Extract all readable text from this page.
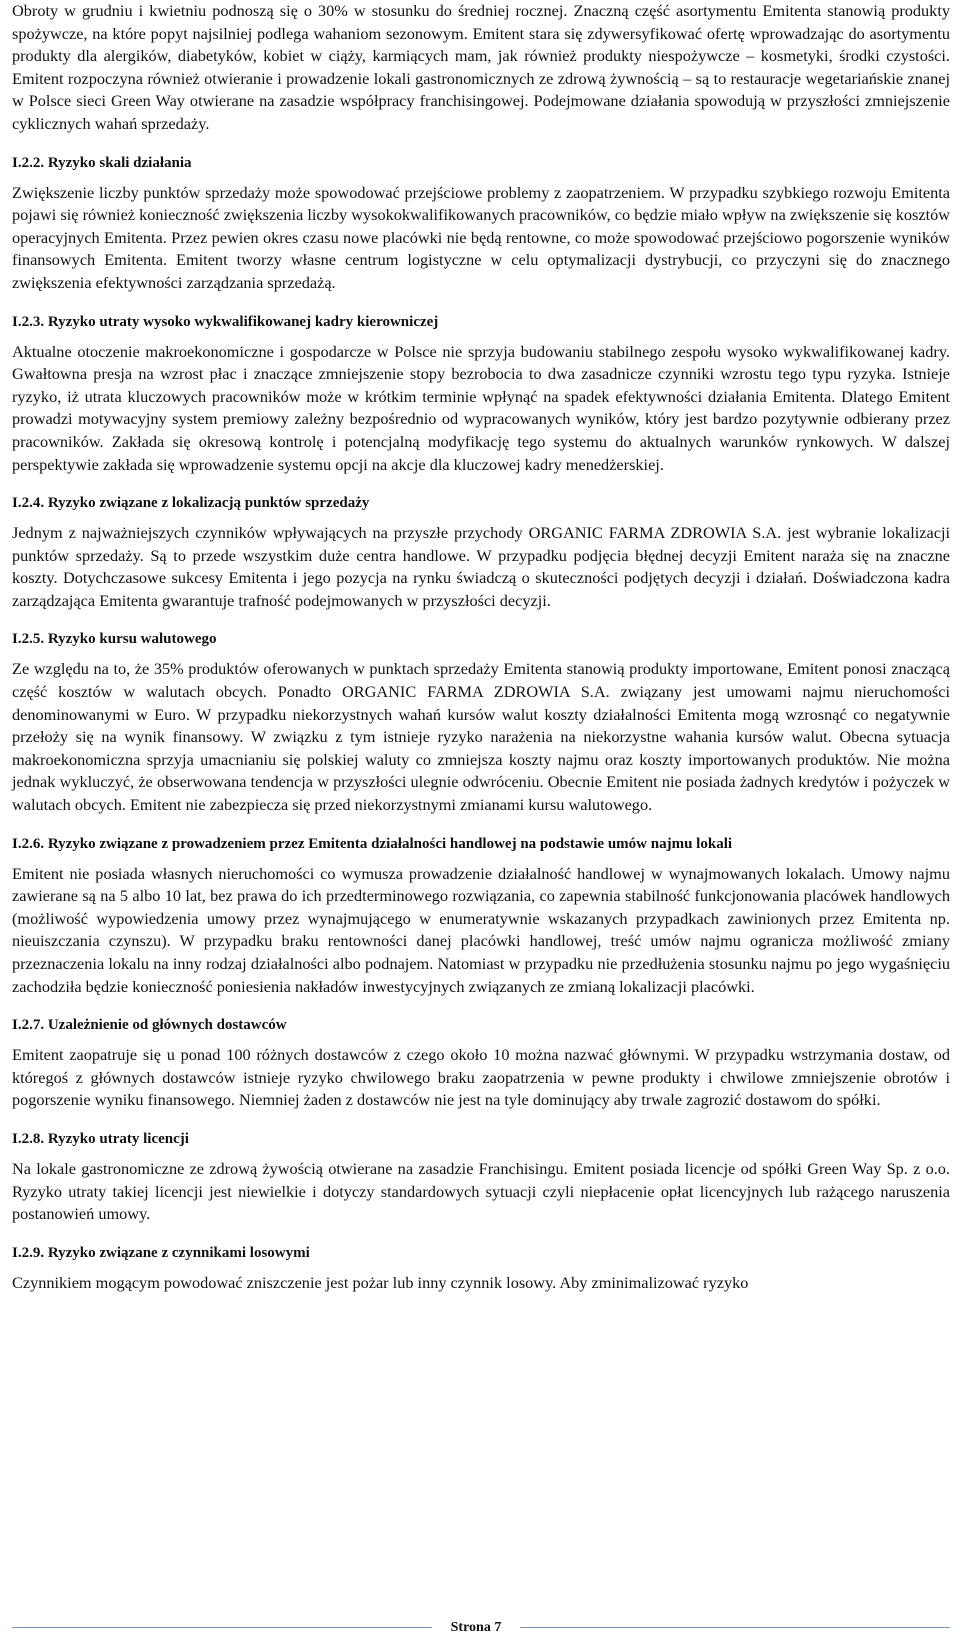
Obroty w grudniu i kwietniu podnoszą się o 30% w stosunku do średniej rocznej. Znaczną część asortymentu Emitenta stanowią produkty spożywcze, na które popyt najsilniej podlega wahaniom sezonowym. Emitent stara się zdywersyfikować ofertę wprowadzając do asortymentu produkty dla alergików, diabetyków, kobiet w ciąży, karmiących mam, jak również produkty niespożywcze – kosmetyki, środki czystości. Emitent rozpoczyna również otwieranie i prowadzenie lokali gastronomicznych ze zdrową żywnością – są to restauracje wegetariańskie znanej w Polsce sieci Green Way otwierane na zasadzie współpracy franchisingowej. Podejmowane działania spowodują w przyszłości zmniejszenie cyklicznych wahań sprzedaży.

I.2.2. Ryzyko skali działania

Zwiększenie liczby punktów sprzedaży może spowodować przejściowe problemy z zaopatrzeniem. W przypadku szybkiego rozwoju Emitenta pojawi się również konieczność zwiększenia liczby wysokokwalifikowanych pracowników, co będzie miało wpływ na zwiększenie się kosztów operacyjnych Emitenta. Przez pewien okres czasu nowe placówki nie będą rentowne, co może spowodować przejściowo pogorszenie wyników finansowych Emitenta. Emitent tworzy własne centrum logistyczne w celu optymalizacji dystrybucji, co przyczyni się do znacznego zwiększenia efektywności zarządzania sprzedażą.

I.2.3. Ryzyko utraty wysoko wykwalifikowanej kadry kierowniczej

Aktualne otoczenie makroekonomiczne i gospodarcze w Polsce nie sprzyja budowaniu stabilnego zespołu wysoko wykwalifikowanej kadry. Gwałtowna presja na wzrost płac i znaczące zmniejszenie stopy bezrobocia to dwa zasadnicze czynniki wzrostu tego typu ryzyka. Istnieje ryzyko, iż utrata kluczowych pracowników może w krótkim terminie wpłynąć na spadek efektywności działania Emitenta. Dlatego Emitent prowadzi motywacyjny system premiowy zależny bezpośrednio od wypracowanych wyników, który jest bardzo pozytywnie odbierany przez pracowników. Zakłada się okresową kontrolę i potencjalną modyfikację tego systemu do aktualnych warunków rynkowych. W dalszej perspektywie zakłada się wprowadzenie systemu opcji na akcje dla kluczowej kadry menedżerskiej.

I.2.4. Ryzyko związane z lokalizacją punktów sprzedaży

Jednym z najważniejszych czynników wpływających na przyszłe przychody ORGANIC FARMA ZDROWIA S.A. jest wybranie lokalizacji punktów sprzedaży. Są to przede wszystkim duże centra handlowe. W przypadku podjęcia błędnej decyzji Emitent naraża się na znaczne koszty. Dotychczasowe sukcesy Emitenta i jego pozycja na rynku świadczą o skuteczności podjętych decyzji i działań. Doświadczona kadra zarządzająca Emitenta gwarantuje trafność podejmowanych w przyszłości decyzji.

I.2.5. Ryzyko kursu walutowego

Ze względu na to, że 35% produktów oferowanych w punktach sprzedaży Emitenta stanowią produkty importowane, Emitent ponosi znaczącą część kosztów w walutach obcych. Ponadto ORGANIC FARMA ZDROWIA S.A. związany jest umowami najmu nieruchomości denominowanymi w Euro. W przypadku niekorzystnych wahań kursów walut koszty działalności Emitenta mogą wzrosnąć co negatywnie przełoży się na wynik finansowy. W związku z tym istnieje ryzyko narażenia na niekorzystne wahania kursów walut. Obecna sytuacja makroekonomiczna sprzyja umacnianiu się polskiej waluty co zmniejsza koszty najmu oraz koszty importowanych produktów. Nie można jednak wykluczyć, że obserwowana tendencja w przyszłości ulegnie odwróceniu. Obecnie Emitent nie posiada żadnych kredytów i pożyczek w walutach obcych. Emitent nie zabezpiecza się przed niekorzystnymi zmianami kursu walutowego.

I.2.6. Ryzyko związane z prowadzeniem przez Emitenta działalności handlowej na podstawie umów najmu lokali

Emitent nie posiada własnych nieruchomości co wymusza prowadzenie działalność handlowej w wynajmowanych lokalach. Umowy najmu zawierane są na 5 albo 10 lat, bez prawa do ich przedterminowego rozwiązania, co zapewnia stabilność funkcjonowania placówek handlowych (możliwość wypowiedzenia umowy przez wynajmującego w enumeratywnie wskazanych przypadkach zawinionych przez Emitenta np. nieuiszczania czynszu). W przypadku braku rentowności danej placówki handlowej, treść umów najmu ogranicza możliwość zmiany przeznaczenia lokalu na inny rodzaj działalności albo podnajem. Natomiast w przypadku nie przedłużenia stosunku najmu po jego wygaśnięciu zachodziła będzie konieczność poniesienia nakładów inwestycyjnych związanych ze zmianą lokalizacji placówki.

I.2.7. Uzależnienie od głównych dostawców

Emitent zaopatruje się u ponad 100 różnych dostawców z czego około 10 można nazwać głównymi. W przypadku wstrzymania dostaw, od któregoś z głównych dostawców istnieje ryzyko chwilowego braku zaopatrzenia w pewne produkty i chwilowe zmniejszenie obrotów i pogorszenie wyniku finansowego. Niemniej żaden z dostawców nie jest na tyle dominujący aby trwale zagrozić dostawom do spółki.

I.2.8. Ryzyko utraty licencji

Na lokale gastronomiczne ze zdrową żywością otwierane na zasadzie Franchisingu. Emitent posiada licencje od spółki Green Way Sp. z o.o. Ryzyko utraty takiej licencji jest niewielkie i dotyczy standardowych sytuacji czyli niepłacenie opłat licencyjnych lub rażącego naruszenia postanowień umowy.

I.2.9. Ryzyko związane z czynnikami losowymi

Czynnikiem mogącym powodować zniszczenie jest pożar lub inny czynnik losowy. Aby zminimalizować ryzyko

Strona 7
